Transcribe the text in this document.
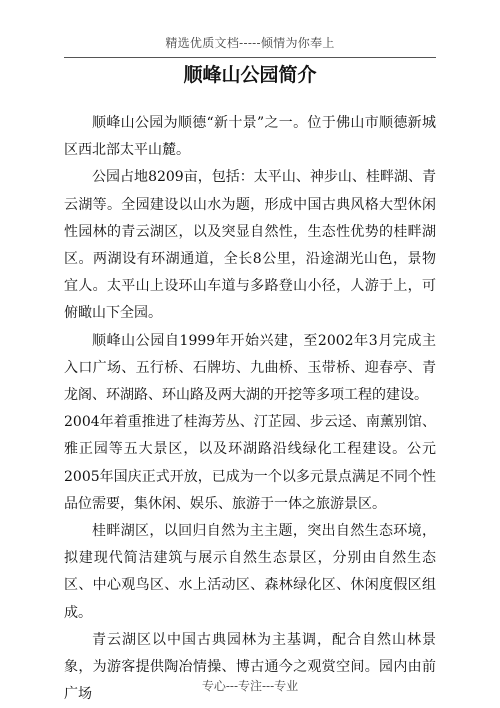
精选优质文档-----倾情为你奉上
顺峰山公园简介

顺峰山公园为顺德“新十景”之一。位于佛山市顺德新城区西北部太平山麓。

公园占地8209亩，包括：太平山、神步山、桂畔湖、青云湖等。全园建设以山水为题，形成中国古典风格大型休闲性园林的青云湖区，以及突显自然性，生态性优势的桂畔湖区。两湖设有环湖通道，全长8公里，沿途湖光山色，景物宜人。太平山上设环山车道与多路登山小径，人游于上，可俯瞰山下全园。

顺峰山公园自1999年开始兴建，至2002年3月完成主入口广场、五行桥、石牌坊、九曲桥、玉带桥、迎春亭、青龙阁、环湖路、环山路及两大湖的开挖等多项工程的建设。

2004年着重推进了桂海芳丛、汀芷园、步云迳、南薰别馆、雅正园等五大景区，以及环湖路沿线绿化工程建设。公元2005年国庆正式开放，已成为一个以多元景点满足不同个性品位需要，集休闲、娱乐、旅游于一体之旅游景区。

桂畔湖区，以回归自然为主主题，突出自然生态环境，拟建现代简洁建筑与展示自然生态景区，分别由自然生态区、中心观鸟区、水上活动区、森林绿化区、休闲度假区组成。

青云湖区以中国古典园林为主基调，配合自然山林景象，为游客提供陶冶情操、博古通今之观赏空间。园内由前广场

专心---专注---专业
